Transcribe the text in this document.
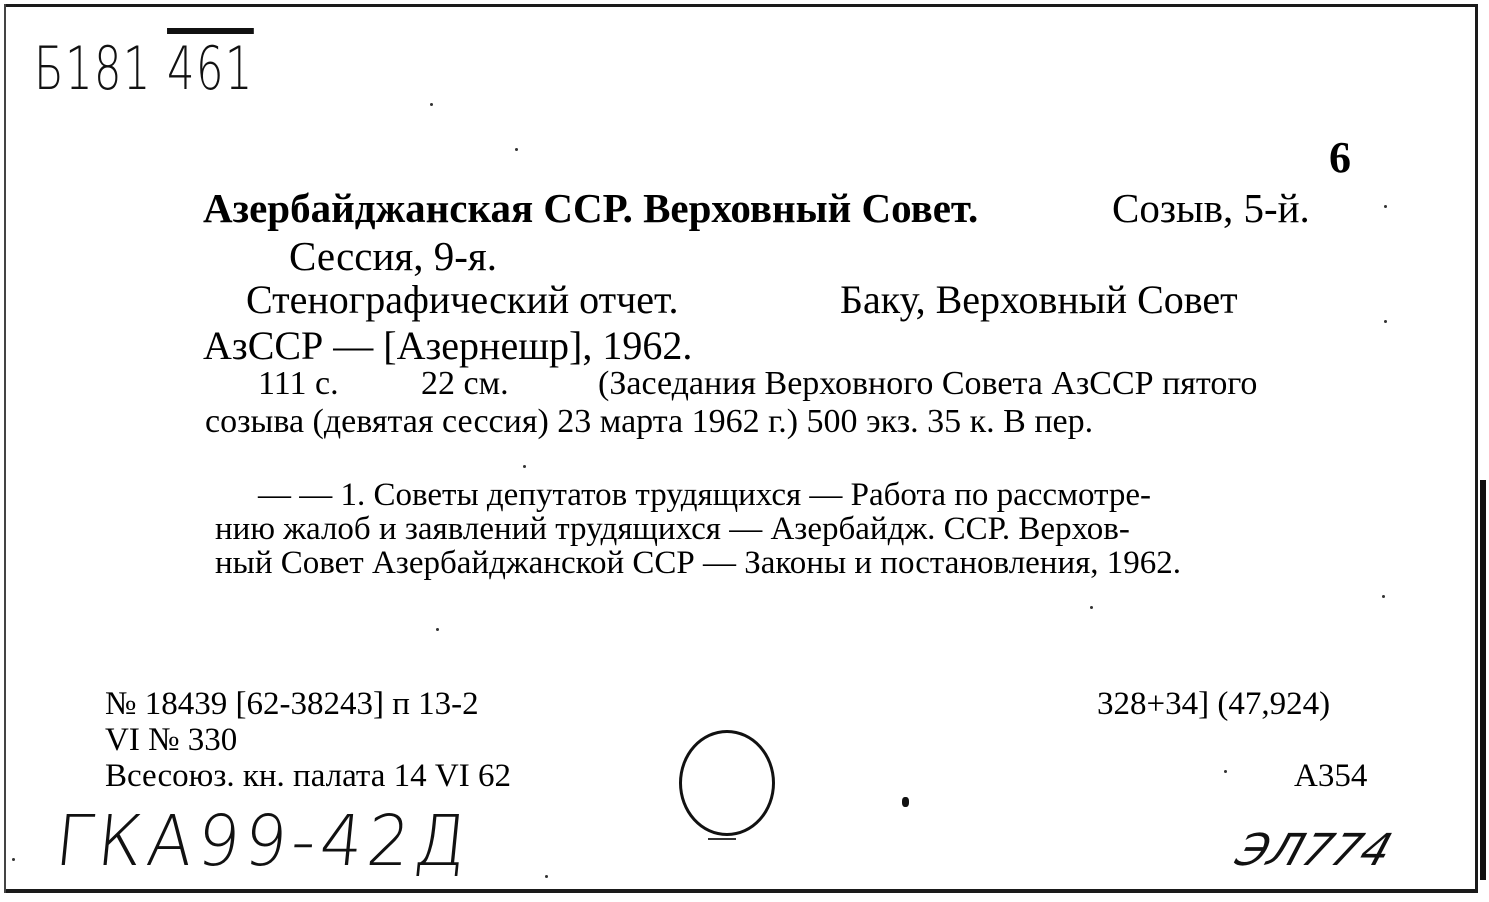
Б181 461
6
Азербайджанская ССР. Верховный Совет.	Созыв, 5-й.
Сессия, 9-я.
Стенографический отчет.	Баку, Верховный Совет
АзССР — [Азернешр], 1962.
111 с. 22 см.	(Заседания Верховного Совета АзССР пятого
созыва (девятая сессия) 23 марта 1962 г.) 500 экз. 35 к. В пер.
— — 1. Советы депутатов трудящихся — Работа по рассмотре-
нию жалоб и заявлений трудящихся — Азербайдж. ССР. Верхов-
ный Совет Азербайджанской ССР — Законы и постановления, 1962.
№ 18439 [62-38243] п 13-2
VI № 330
Всесоюз. кн. палата 14 VI 62
328+34] (47,924)
А354
ГКА99-42Д	ЭЛ774
